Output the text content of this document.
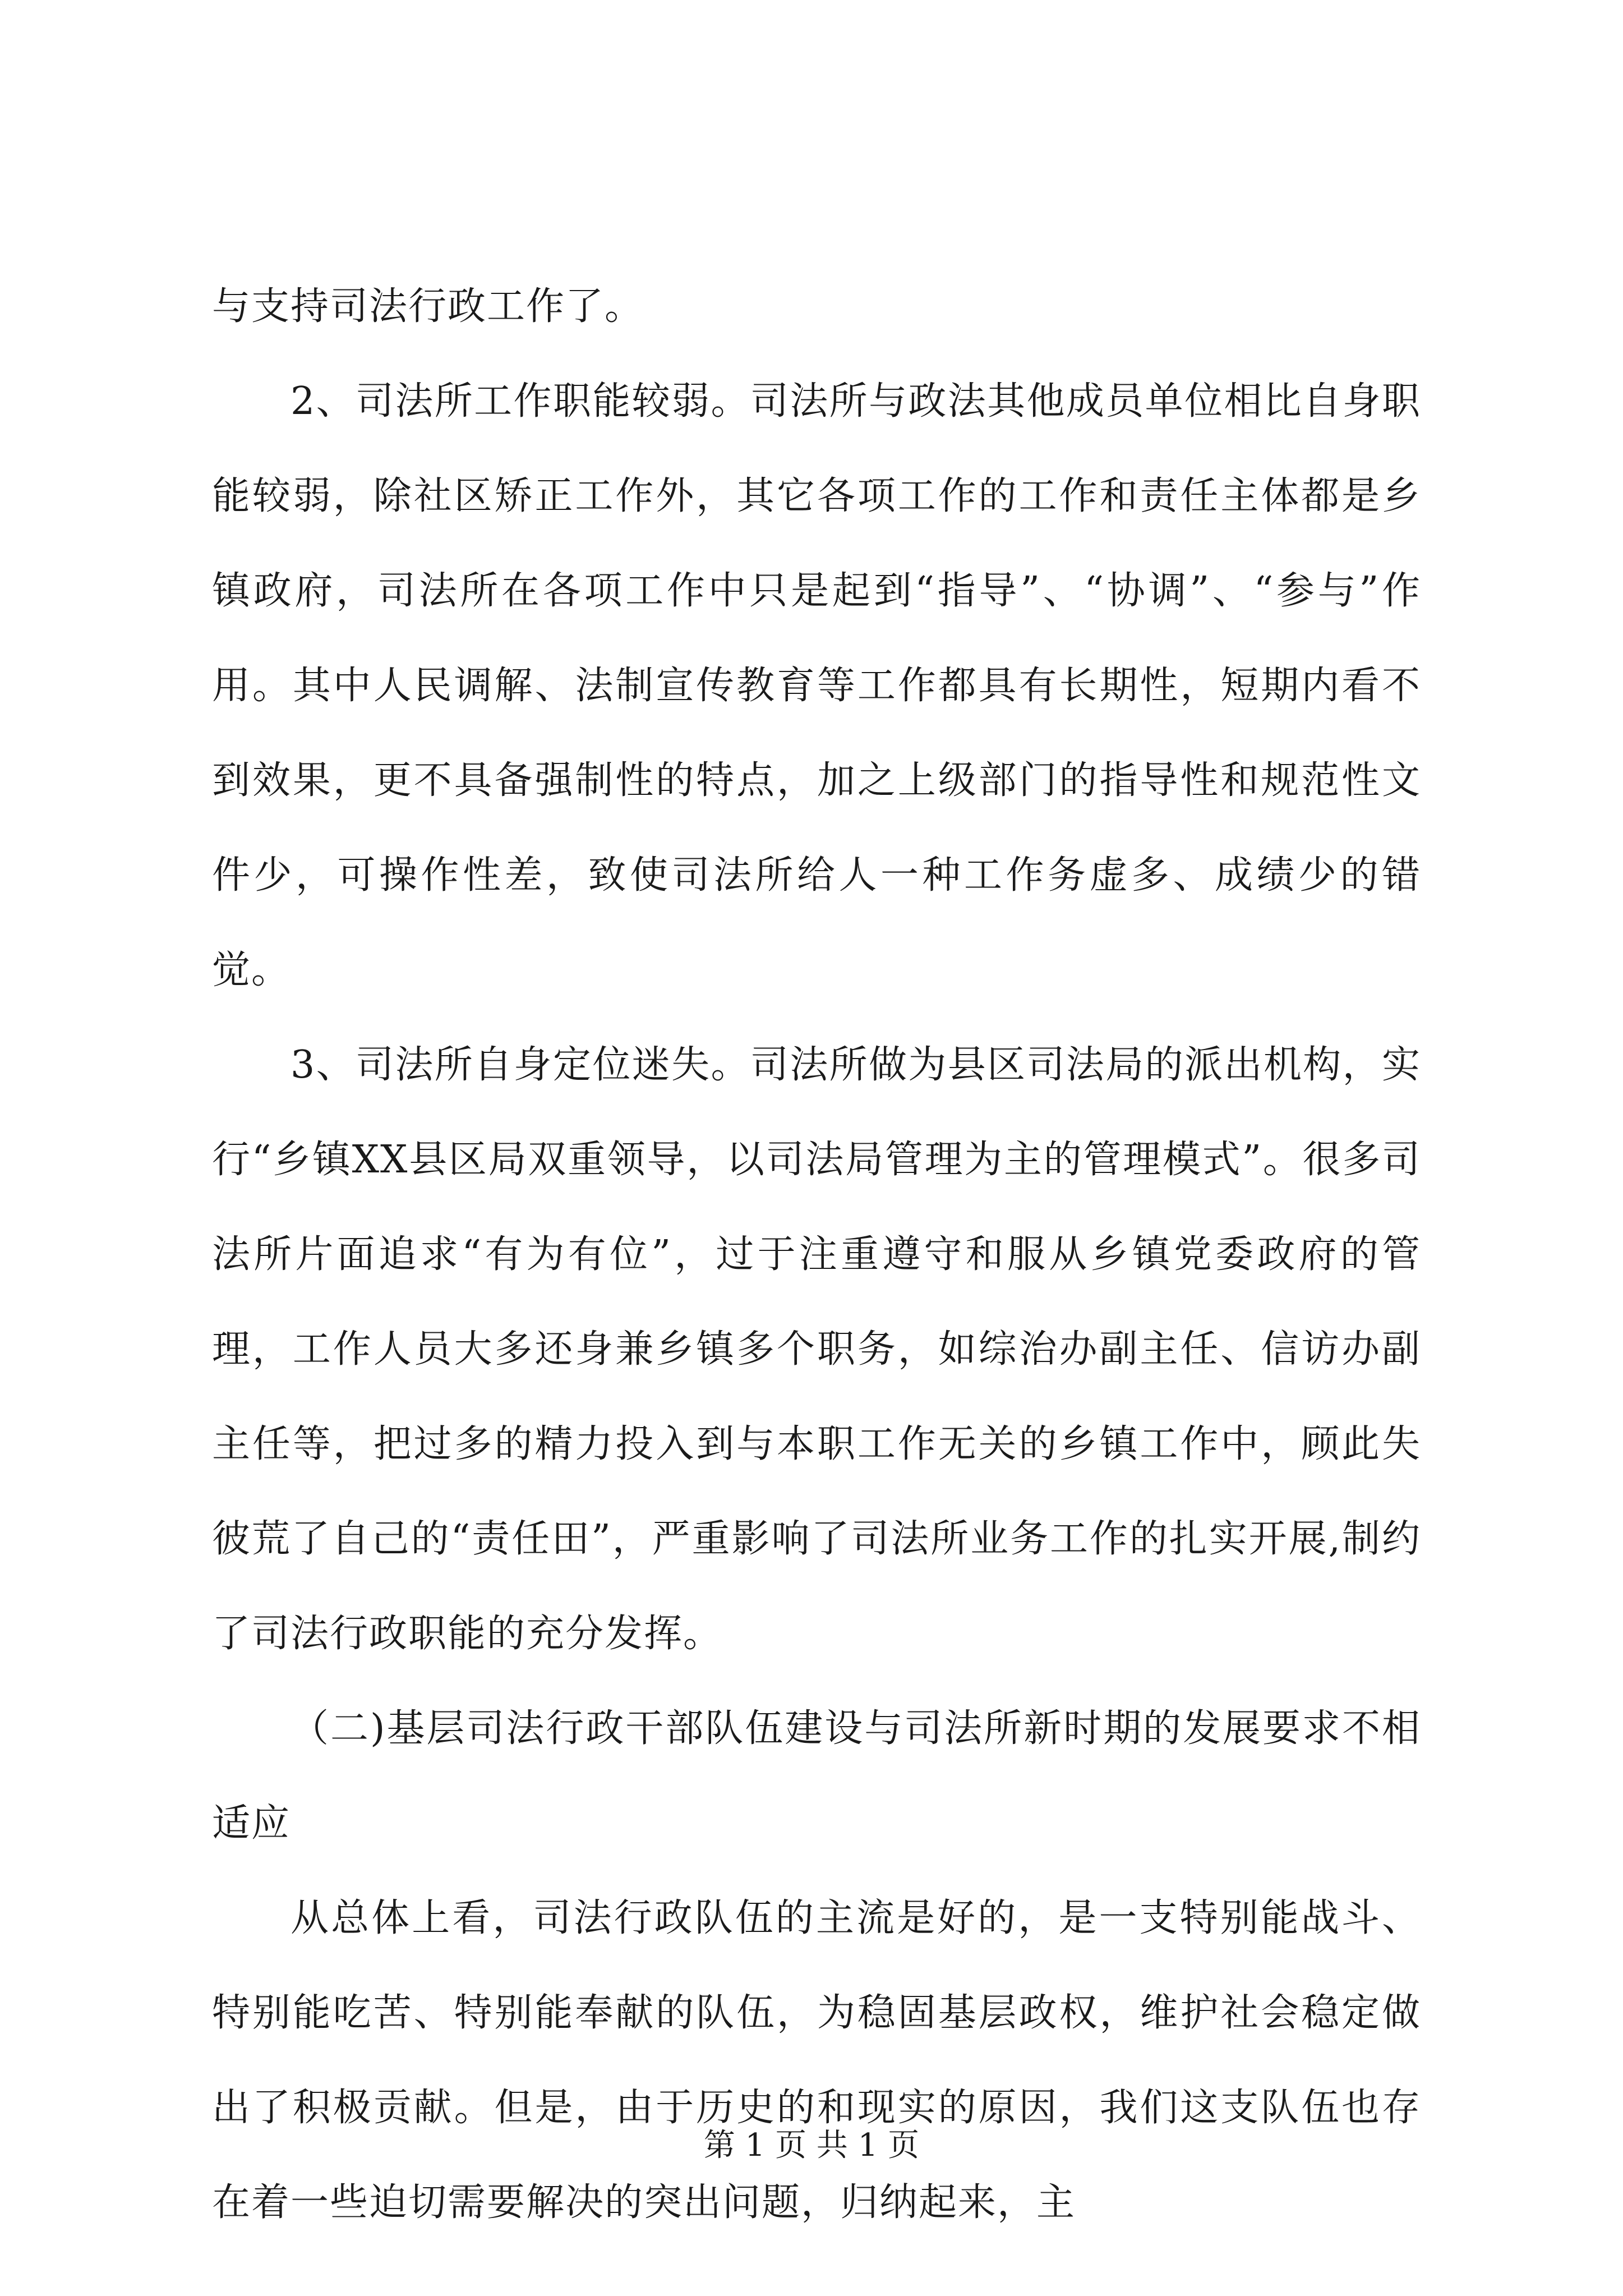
与支持司法行政工作了。

2、司法所工作职能较弱。司法所与政法其他成员单位相比自身职能较弱，除社区矫正工作外，其它各项工作的工作和责任主体都是乡镇政府，司法所在各项工作中只是起到“指导”、“协调”、“参与”作用。其中人民调解、法制宣传教育等工作都具有长期性，短期内看不到效果，更不具备强制性的特点，加之上级部门的指导性和规范性文件少，可操作性差，致使司法所给人一种工作务虚多、成绩少的错觉。

3、司法所自身定位迷失。司法所做为县区司法局的派出机构，实行“乡镇XX县区局双重领导，以司法局管理为主的管理模式”。很多司法所片面追求“有为有位”，过于注重遵守和服从乡镇党委政府的管理，工作人员大多还身兼乡镇多个职务，如综治办副主任、信访办副主任等，把过多的精力投入到与本职工作无关的乡镇工作中，顾此失彼荒了自己的“责任田”，严重影响了司法所业务工作的扎实开展,制约了司法行政职能的充分发挥。

（二)基层司法行政干部队伍建设与司法所新时期的发展要求不相适应

从总体上看，司法行政队伍的主流是好的，是一支特别能战斗、特别能吃苦、特别能奉献的队伍，为稳固基层政权，维护社会稳定做出了积极贡献。但是，由于历史的和现实的原因，我们这支队伍也存在着一些迫切需要解决的突出问题，归纳起来，主

第 1 页 共 1 页
